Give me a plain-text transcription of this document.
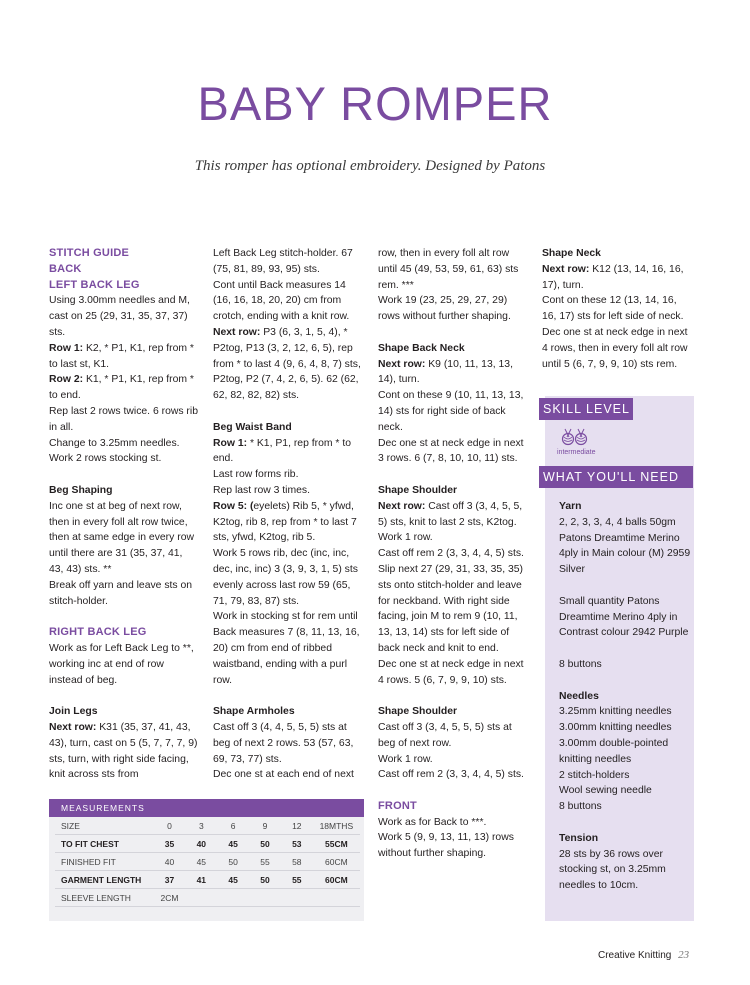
BABY ROMPER

This romper has optional embroidery. Designed by Patons

STITCH GUIDE
BACK
LEFT BACK LEG

Using 3.00mm needles and M, cast on 25 (29, 31, 35, 37, 37) sts.

Row 1: K2, * P1, K1, rep from * to last st, K1.

Row 2: K1, * P1, K1, rep from * to end.

Rep last 2 rows twice. 6 rows rib in all.

Change to 3.25mm needles. Work 2 rows stocking st.

Beg Shaping

Inc one st at beg of next row, then in every foll alt row twice, then at same edge in every row until there are 31 (35, 37, 41, 43, 43) sts. **

Break off yarn and leave sts on stitch-holder.

RIGHT BACK LEG

Work as for Left Back Leg to **, working inc at end of row instead of beg.

Join Legs

Next row: K31 (35, 37, 41, 43, 43), turn, cast on 5 (5, 7, 7, 7, 9) sts, turn, with right side facing, knit across sts from

Left Back Leg stitch-holder. 67 (75, 81, 89, 93, 95) sts.

Cont until Back measures 14 (16, 16, 18, 20, 20) cm from crotch, ending with a knit row.

Next row: P3 (6, 3, 1, 5, 4), * P2tog, P13 (3, 2, 12, 6, 5), rep from * to last 4 (9, 6, 4, 8, 7) sts, P2tog, P2 (7, 4, 2, 6, 5). 62 (62, 62, 82, 82, 82) sts.

Beg Waist Band

Row 1: * K1, P1, rep from * to end.

Last row forms rib.

Rep last row 3 times.

Row 5: (eyelets) Rib 5, * yfwd, K2tog, rib 8, rep from * to last 7 sts, yfwd, K2tog, rib 5.

Work 5 rows rib, dec (inc, inc, dec, inc, inc) 3 (3, 9, 3, 1, 5) sts evenly across last row 59 (65, 71, 79, 83, 87) sts.

Work in stocking st for rem until Back measures 7 (8, 11, 13, 16, 20) cm from end of ribbed waistband, ending with a purl row.

Shape Armholes

Cast off 3 (4, 4, 5, 5, 5) sts at beg of next 2 rows. 53 (57, 63, 69, 73, 77) sts.

Dec one st at each end of next

row, then in every foll alt row until 45 (49, 53, 59, 61, 63) sts rem. ***

Work 19 (23, 25, 29, 27, 29) rows without further shaping.

Shape Back Neck

Next row: K9 (10, 11, 13, 13, 14), turn.

Cont on these 9 (10, 11, 13, 13, 14) sts for right side of back neck.

Dec one st at neck edge in next 3 rows. 6 (7, 8, 10, 10, 11) sts.

Shape Shoulder

Next row: Cast off 3 (3, 4, 5, 5, 5) sts, knit to last 2 sts, K2tog.

Work 1 row.

Cast off rem 2 (3, 3, 4, 4, 5) sts.

Slip next 27 (29, 31, 33, 35, 35) sts onto stitch-holder and leave for neckband. With right side facing, join M to rem 9 (10, 11, 13, 13, 14) sts for left side of back neck and knit to end.

Dec one st at neck edge in next 4 rows. 5 (6, 7, 9, 9, 10) sts.

Shape Shoulder

Cast off 3 (3, 4, 5, 5, 5) sts at beg of next row.

Work 1 row.

Cast off rem 2 (3, 3, 4, 4, 5) sts.

FRONT

Work as for Back to ***.

Work 5 (9, 9, 13, 11, 13) rows without further shaping.

Shape Neck

Next row: K12 (13, 14, 16, 16, 17), turn.

Cont on these 12 (13, 14, 16, 16, 17) sts for left side of neck.

Dec one st at neck edge in next 4 rows, then in every foll alt row until 5 (6, 7, 9, 9, 10) sts rem.

SKILL LEVEL
intermediate
WHAT YOU'LL NEED
Yarn

2, 2, 3, 3, 4, 4 balls 50gm Patons Dreamtime Merino 4ply in Main colour (M) 2959 Silver

Small quantity Patons Dreamtime Merino 4ply in Contrast colour 2942 Purple

8 buttons

Needles
3.25mm knitting needles
3.00mm knitting needles
3.00mm double-pointed knitting needles
2 stitch-holders
Wool sewing needle

8 buttons

Tension

28 sts by 36 rows over stocking st, on 3.25mm needles to 10cm.

MEASUREMENTS
SIZE	0	3	6	9	12	18MTHS
TO FIT CHEST	35	40	45	50	53	55CM
FINISHED FIT	40	45	50	55	58	60CM
GARMENT LENGTH	37	41	45	50	55	60CM
SLEEVE LENGTH	2CM					
Creative Knitting 23
